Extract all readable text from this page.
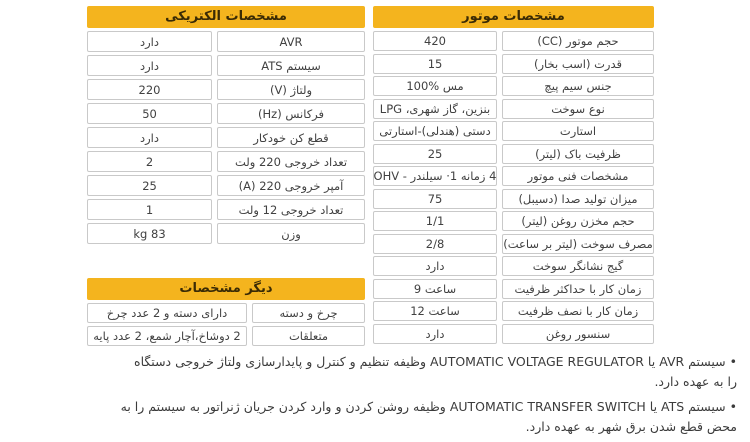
مشخصات الکتریکی
دارد	AVR
دارد	سیستم ATS
220	ولتاژ (V)
50	فرکانس (Hz)
دارد	قطع کن خودکار
2	تعداد خروجی 220 ولت
25	آمپر خروجی 220 (A)
1	تعداد خروجی 12 ولت
83 kg	وزن
مشخصات موتور
420	حجم موتور (CC)
15	قدرت (اسب بخار)
100% مس	جنس سیم پیچ
بنزین، گاز شهری، LPG	نوع سوخت
دستی (هندلی)-استارتی	استارت
25	ظرفیت باک (لیتر)
4 زمانه 1· سیلندر - OHV	مشخصات فنی موتور
75	میزان تولید صدا (دسیبل)
1/1	حجم مخزن روغن (لیتر)
2/8	مصرف سوخت (لیتر بر ساعت)
دارد	گیج نشانگر سوخت
9 ساعت	زمان کار با حداکثر ظرفیت
12 ساعت	زمان کار با نصف ظرفیت
دارد	سنسور روغن
دیگر مشخصات
دارای دسته و 2 عدد چرخ	چرخ و دسته
2 دوشاخ،آچار شمع، 2 عدد پایه	متعلقات
• سیستم AVR یا AUTOMATIC VOLTAGE REGULATOR وظیفه تنظیم و کنترل و پایدارسازی ولتاژ خروجی دستگاه
را به عهده دارد.
• سیستم ATS یا AUTOMATIC TRANSFER SWITCH وظیفه روشن کردن و وارد کردن جریان ژنراتور به سیستم را به
محض قطع شدن برق شهر به عهده دارد.
